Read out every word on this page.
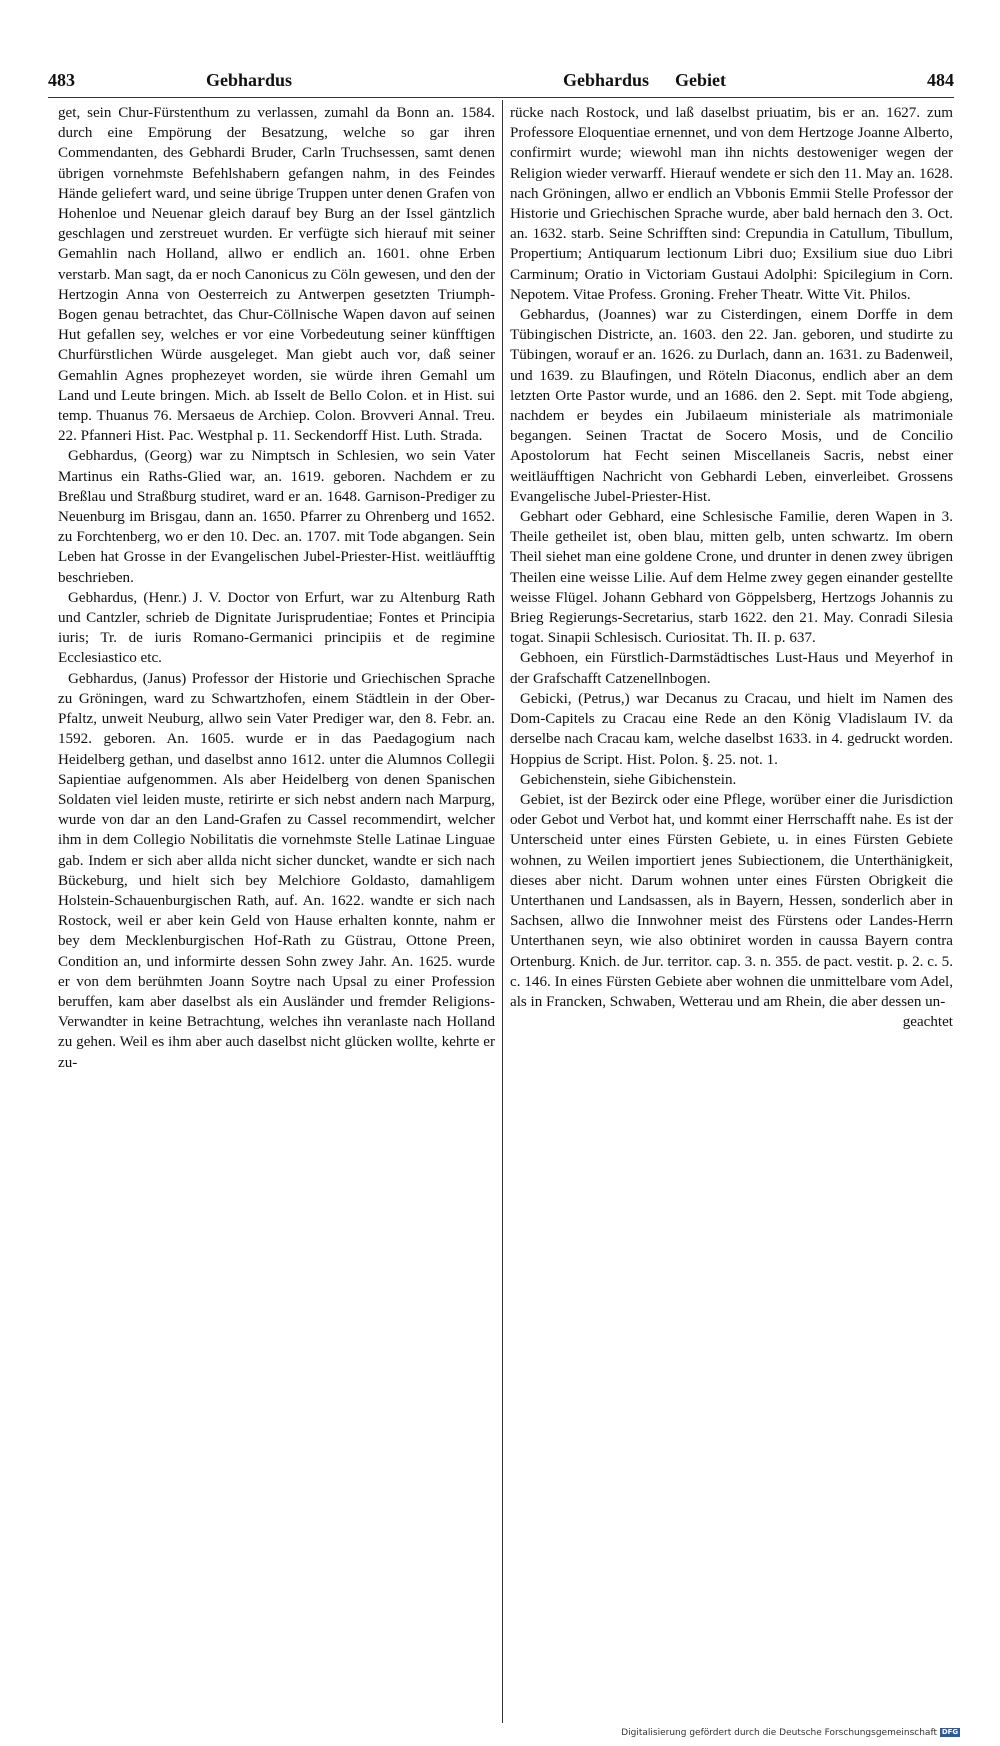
483	Gebhardus	Gebhardus Gebiet	484

get, sein Chur-Fürstenthum zu verlassen, zumahl da Bonn an. 1584. durch eine Empörung der Besatzung, welche so gar ihren Commendanten, des Gebhardi Bruder, Carln Truchsessen, samt denen übrigen vornehmste Befehlshabern gefangen nahm, in des Feindes Hände geliefert ward, und seine übrige Truppen unter denen Grafen von Hohenloe und Neuenar gleich darauf bey Burg an der Issel gäntzlich geschlagen und zerstreuet wurden. Er verfügte sich hierauf mit seiner Gemahlin nach Holland, allwo er endlich an. 1601. ohne Erben verstarb. Man sagt, da er noch Canonicus zu Cöln gewesen, und den der Hertzogin Anna von Oesterreich zu Antwerpen gesetzten Triumph-Bogen genau betrachtet, das Chur-Cöllnische Wapen davon auf seinen Hut gefallen sey, welches er vor eine Vorbedeutung seiner künfftigen Churfürstlichen Würde ausgeleget. Man giebt auch vor, daß seiner Gemahlin Agnes prophezeyet worden, sie würde ihren Gemahl um Land und Leute bringen. Mich. ab Isselt de Bello Colon. et in Hist. sui temp. Thuanus 76. Mersaeus de Archiep. Colon. Brovveri Annal. Treu. 22. Pfanneri Hist. Pac. Westphal p. 11. Seckendorff Hist. Luth. Strada.

Gebhardus, (Georg) war zu Nimptsch in Schlesien, wo sein Vater Martinus ein Raths-Glied war, an. 1619. geboren. Nachdem er zu Breßlau und Straßburg studiret, ward er an. 1648. Garnison-Prediger zu Neuenburg im Brisgau, dann an. 1650. Pfarrer zu Ohrenberg und 1652. zu Forchtenberg, wo er den 10. Dec. an. 1707. mit Tode abgangen. Sein Leben hat Grosse in der Evangelischen Jubel-Priester-Hist. weitläufftig beschrieben.

Gebhardus, (Henr.) J. V. Doctor von Erfurt, war zu Altenburg Rath und Cantzler, schrieb de Dignitate Jurisprudentiae; Fontes et Principia iuris; Tr. de iuris Romano-Germanici principiis et de regimine Ecclesiastico etc.

Gebhardus, (Janus) Professor der Historie und Griechischen Sprache zu Gröningen, ward zu Schwartzhofen, einem Städtlein in der Ober-Pfaltz, unweit Neuburg, allwo sein Vater Prediger war, den 8. Febr. an. 1592. geboren. An. 1605. wurde er in das Paedagogium nach Heidelberg gethan, und daselbst anno 1612. unter die Alumnos Collegii Sapientiae aufgenommen. Als aber Heidelberg von denen Spanischen Soldaten viel leiden muste, retirirte er sich nebst andern nach Marpurg, wurde von dar an den Land-Grafen zu Cassel recommendirt, welcher ihm in dem Collegio Nobilitatis die vornehmste Stelle Latinae Linguae gab. Indem er sich aber allda nicht sicher duncket, wandte er sich nach Bückeburg, und hielt sich bey Melchiore Goldasto, damahligem Holstein-Schauenburgischen Rath, auf. An. 1622. wandte er sich nach Rostock, weil er aber kein Geld von Hause erhalten konnte, nahm er bey dem Mecklenburgischen Hof-Rath zu Güstrau, Ottone Preen, Condition an, und informirte dessen Sohn zwey Jahr. An. 1625. wurde er von dem berühmten Joann Soytre nach Upsal zu einer Profession beruffen, kam aber daselbst als ein Ausländer und fremder Religions-Verwandter in keine Betrachtung, welches ihn veranlaste nach Holland zu gehen. Weil es ihm aber auch daselbst nicht glücken wollte, kehrte er zu-

rücke nach Rostock, und laß daselbst priuatim, bis er an. 1627. zum Professore Eloquentiae ernennet, und von dem Hertzoge Joanne Alberto, confirmirt wurde; wiewohl man ihn nichts destoweniger wegen der Religion wieder verwarff. Hierauf wendete er sich den 11. May an. 1628. nach Gröningen, allwo er endlich an Vbbonis Emmii Stelle Professor der Historie und Griechischen Sprache wurde, aber bald hernach den 3. Oct. an. 1632. starb. Seine Schrifften sind: Crepundia in Catullum, Tibullum, Propertium; Antiquarum lectionum Libri duo; Exsilium siue duo Libri Carminum; Oratio in Victoriam Gustaui Adolphi: Spicilegium in Corn. Nepotem. Vitae Profess. Groning. Freher Theatr. Witte Vit. Philos.

Gebhardus, (Joannes) war zu Cisterdingen, einem Dorffe in dem Tübingischen Districte, an. 1603. den 22. Jan. geboren, und studirte zu Tübingen, worauf er an. 1626. zu Durlach, dann an. 1631. zu Badenweil, und 1639. zu Blaufingen, und Röteln Diaconus, endlich aber an dem letzten Orte Pastor wurde, und an 1686. den 2. Sept. mit Tode abgieng, nachdem er beydes ein Jubilaeum ministeriale als matrimoniale begangen. Seinen Tractat de Socero Mosis, und de Concilio Apostolorum hat Fecht seinen Miscellaneis Sacris, nebst einer weitläufftigen Nachricht von Gebhardi Leben, einverleibet. Grossens Evangelische Jubel-Priester-Hist.

Gebhart oder Gebhard, eine Schlesische Familie, deren Wapen in 3. Theile getheilet ist, oben blau, mitten gelb, unten schwartz. Im obern Theil siehet man eine goldene Crone, und drunter in denen zwey übrigen Theilen eine weisse Lilie. Auf dem Helme zwey gegen einander gestellte weisse Flügel. Johann Gebhard von Göppelsberg, Hertzogs Johannis zu Brieg Regierungs-Secretarius, starb 1622. den 21. May. Conradi Silesia togat. Sinapii Schlesisch. Curiositat. Th. II. p. 637.

Gebhoen, ein Fürstlich-Darmstädtisches Lust-Haus und Meyerhof in der Grafschafft Catzenellnbogen.

Gebicki, (Petrus,) war Decanus zu Cracau, und hielt im Namen des Dom-Capitels zu Cracau eine Rede an den König Vladislaum IV. da derselbe nach Cracau kam, welche daselbst 1633. in 4. gedruckt worden. Hoppius de Script. Hist. Polon. §. 25. not. 1.

Gebichenstein, siehe Gibichenstein.

Gebiet, ist der Bezirck oder eine Pflege, worüber einer die Jurisdiction oder Gebot und Verbot hat, und kommt einer Herrschafft nahe. Es ist der Unterscheid unter eines Fürsten Gebiete, u. in eines Fürsten Gebiete wohnen, zu Weilen importiert jenes Subiectionem, die Unterthänigkeit, dieses aber nicht. Darum wohnen unter eines Fürsten Obrigkeit die Unterthanen und Landsassen, als in Bayern, Hessen, sonderlich aber in Sachsen, allwo die Innwohner meist des Fürstens oder Landes-Herrn Unterthanen seyn, wie also obtiniret worden in caussa Bayern contra Ortenburg. Knich. de Jur. territor. cap. 3. n. 355. de pact. vestit. p. 2. c. 5. c. 146. In eines Fürsten Gebiete aber wohnen die unmittelbare vom Adel, als in Francken, Schwaben, Wetterau und am Rhein, die aber dessen un-

geachtet

Digitalisierung gefördert durch die Deutsche Forschungsgemeinschaft DFG
